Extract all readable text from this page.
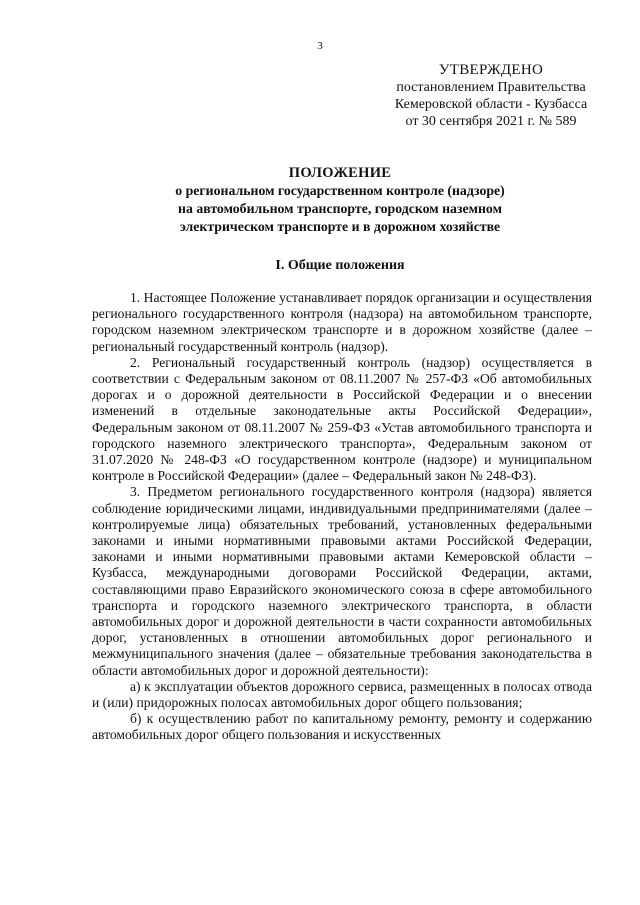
3
УТВЕРЖДЕНО
постановлением Правительства
Кемеровской области - Кузбасса
от 30 сентября 2021 г. № 589
ПОЛОЖЕНИЕ
о региональном государственном контроле (надзоре)
на автомобильном транспорте, городском наземном
электрическом транспорте и в дорожном хозяйстве
I. Общие положения

1. Настоящее Положение устанавливает порядок организации и осуществления регионального государственного контроля (надзора) на автомобильном транспорте, городском наземном электрическом транспорте и в дорожном хозяйстве (далее – региональный государственный контроль (надзор).

2. Региональный государственный контроль (надзор) осуществляется в соответствии с Федеральным законом от 08.11.2007 № 257-ФЗ «Об автомобильных дорогах и о дорожной деятельности в Российской Федерации и о внесении изменений в отдельные законодательные акты Российской Федерации», Федеральным законом от 08.11.2007 № 259-ФЗ «Устав автомобильного транспорта и городского наземного электрического транспорта», Федеральным законом от 31.07.2020 № 248-ФЗ «О государственном контроле (надзоре) и муниципальном контроле в Российской Федерации» (далее – Федеральный закон № 248-ФЗ).

3. Предметом регионального государственного контроля (надзора) является соблюдение юридическими лицами, индивидуальными предпринимателями (далее – контролируемые лица) обязательных требований, установленных федеральными законами и иными нормативными правовыми актами Российской Федерации, законами и иными нормативными правовыми актами Кемеровской области – Кузбасса, международными договорами Российской Федерации, актами, составляющими право Евразийского экономического союза в сфере автомобильного транспорта и городского наземного электрического транспорта, в области автомобильных дорог и дорожной деятельности в части сохранности автомобильных дорог, установленных в отношении автомобильных дорог регионального и межмуниципального значения (далее – обязательные требования законодательства в области автомобильных дорог и дорожной деятельности):

а) к эксплуатации объектов дорожного сервиса, размещенных в полосах отвода и (или) придорожных полосах автомобильных дорог общего пользования;

б) к осуществлению работ по капитальному ремонту, ремонту и содержанию автомобильных дорог общего пользования и искусственных
